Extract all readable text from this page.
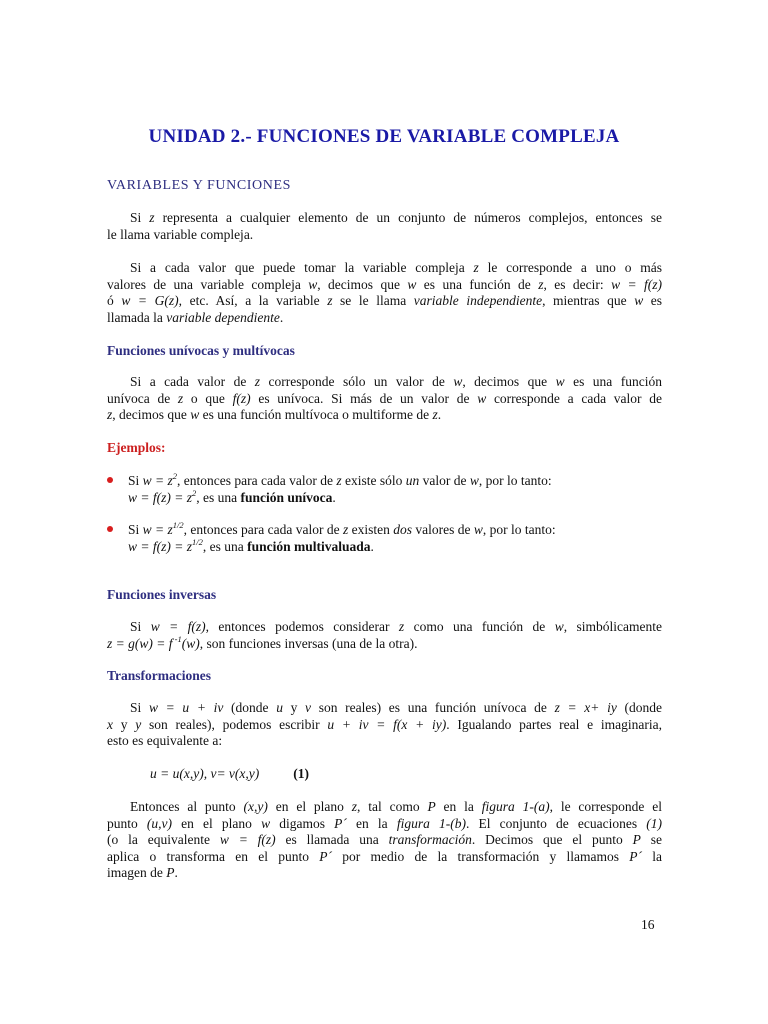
UNIDAD 2.- FUNCIONES DE VARIABLE COMPLEJA
VARIABLES Y FUNCIONES
Si z representa a cualquier elemento de un conjunto de números complejos, entonces se
le llama variable compleja.
Si a cada valor que puede tomar la variable compleja z le corresponde a uno o más
valores de una variable compleja w, decimos que w es una función de z, es decir: w = f(z)
ó w = G(z), etc. Así, a la variable z se le llama variable independiente, mientras que w es
llamada la variable dependiente.
Funciones unívocas y multívocas
Si a cada valor de z corresponde sólo un valor de w, decimos que w es una función
unívoca de z o que f(z) es unívoca. Si más de un valor de w corresponde a cada valor de
z, decimos que w es una función multívoca o multiforme de z.
Ejemplos:
Si $w = z^2$, entonces para cada valor de z existe sólo un valor de w, por lo tanto:
$w = f(z) = z^2$, es una función unívoca.
Si $w = z^{1/2}$, entonces para cada valor de z existen dos valores de w, por lo tanto:
$w = f(z) = z^{1/2}$, es una función multivaluada.
Funciones inversas
Si w = f(z), entonces podemos considerar z como una función de w, simbólicamente
z = g(w) = f $^{-1}$(w), son funciones inversas (una de la otra).
Transformaciones
Si w = u + iv (donde u y v son reales) es una función unívoca de z = x+ iy (donde
x y y son reales), podemos escribir u + iv = f(x + iy). Igualando partes real e imaginaria,
esto es equivalente a:
u = u(x,y), v= v(x,y)	(1)
Entonces al punto (x,y) en el plano z, tal como P en la figura 1-(a), le corresponde el
punto (u,v) en el plano w digamos P´ en la figura 1-(b). El conjunto de ecuaciones (1)
(o la equivalente w = f(z) es llamada una transformación. Decimos que el punto P se
aplica o transforma en el punto P´ por medio de la transformación y llamamos P´ la
imagen de P.
16
